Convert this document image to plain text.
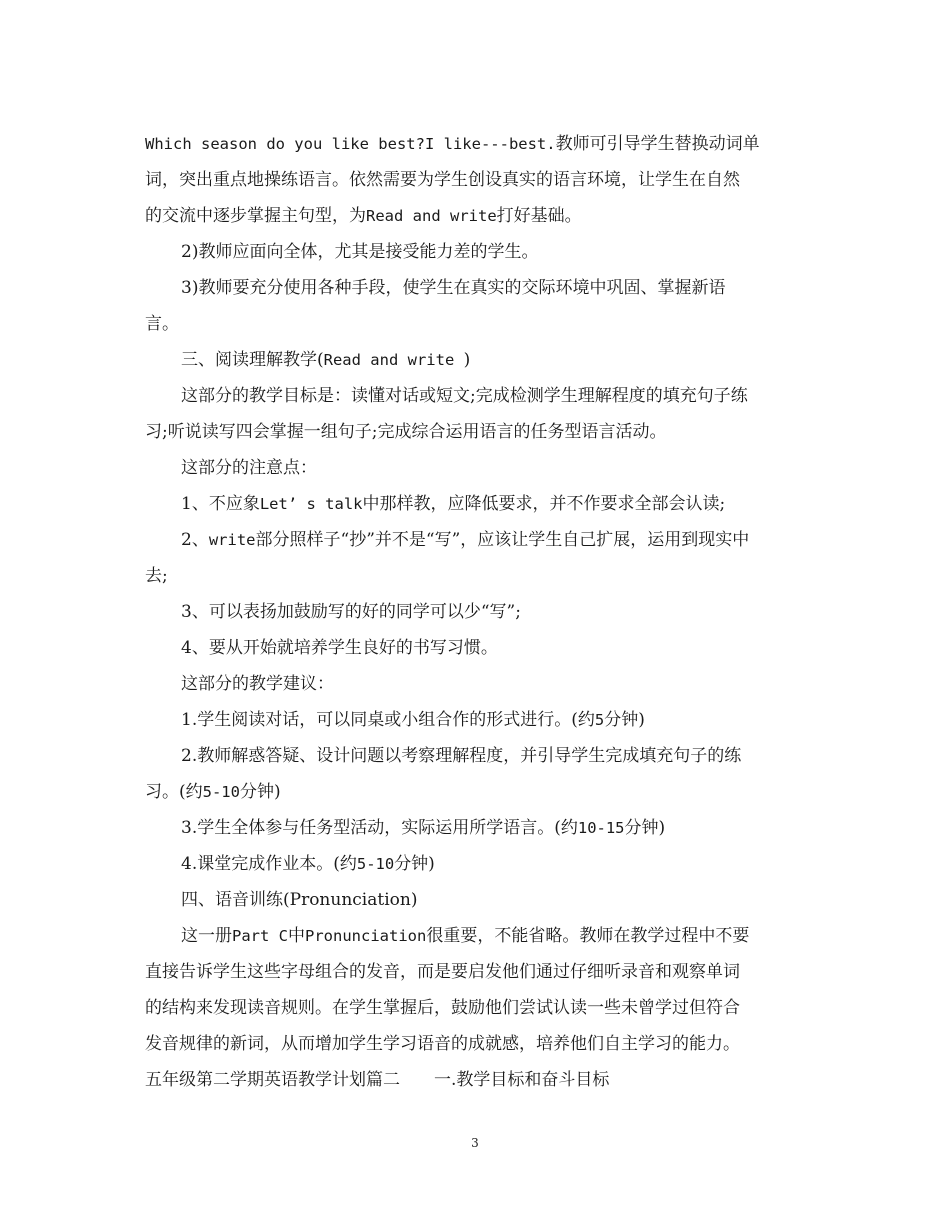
Which season do you like best?I like---best.教师可引导学生替换动词单
词，突出重点地操练语言。依然需要为学生创设真实的语言环境，让学生在自然
的交流中逐步掌握主句型，为Read and write打好基础。
2)教师应面向全体，尤其是接受能力差的学生。
3)教师要充分使用各种手段，使学生在真实的交际环境中巩固、掌握新语
言。
三、阅读理解教学(Read and write )
这部分的教学目标是：读懂对话或短文;完成检测学生理解程度的填充句子练
习;听说读写四会掌握一组句子;完成综合运用语言的任务型语言活动。
这部分的注意点：
1、不应象Let’ s talk中那样教，应降低要求，并不作要求全部会认读;
2、write部分照样子“抄”并不是“写”，应该让学生自己扩展，运用到现实中
去;
3、可以表扬加鼓励写的好的同学可以少“写”;
4、要从开始就培养学生良好的书写习惯。
这部分的教学建议：
1.学生阅读对话，可以同桌或小组合作的形式进行。(约5分钟)
2.教师解惑答疑、设计问题以考察理解程度，并引导学生完成填充句子的练
习。(约5-10分钟)
3.学生全体参与任务型活动，实际运用所学语言。(约10-15分钟)
4.课堂完成作业本。(约5-10分钟)
四、语音训练(Pronunciation)
这一册Part C中Pronunciation很重要，不能省略。教师在教学过程中不要
直接告诉学生这些字母组合的发音，而是要启发他们通过仔细听录音和观察单词
的结构来发现读音规则。在学生掌握后，鼓励他们尝试认读一些未曾学过但符合
发音规律的新词，从而增加学生学习语音的成就感，培养他们自主学习的能力。
五年级第二学期英语教学计划篇二　　一.教学目标和奋斗目标
3
